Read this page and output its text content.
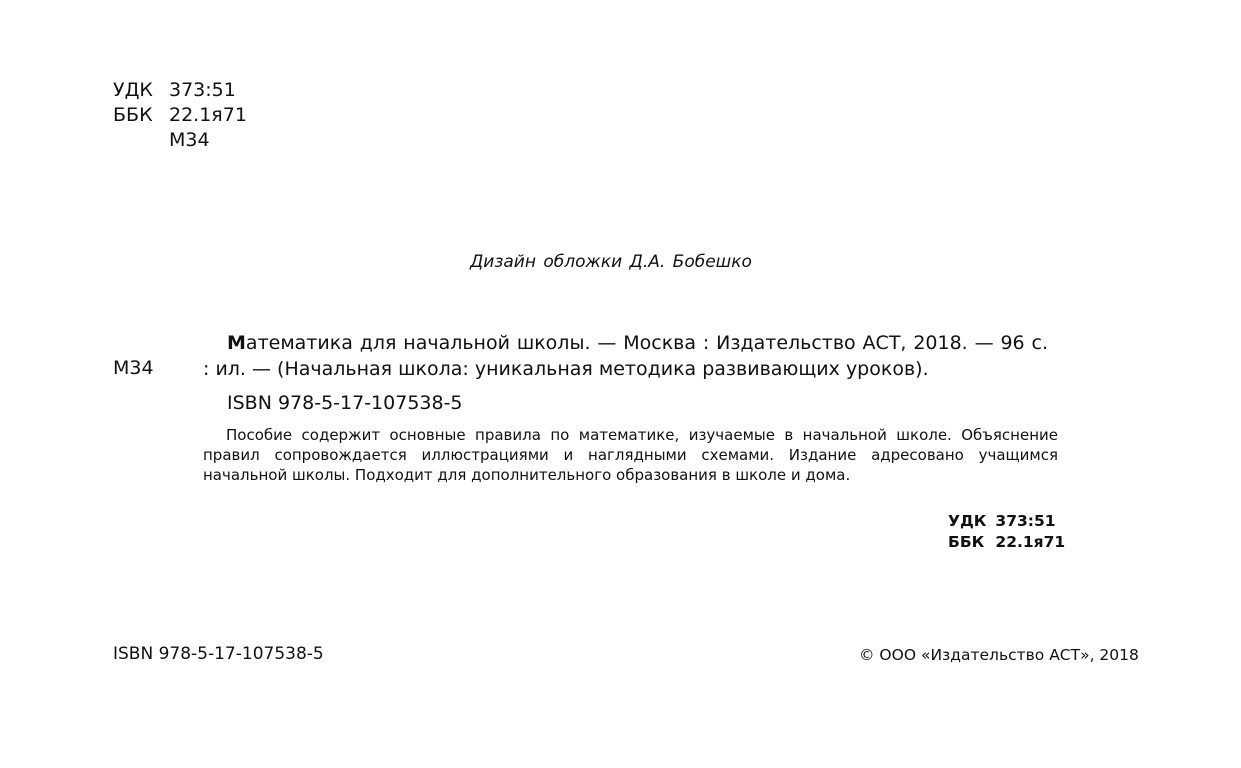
УДК 373:51
ББК 22.1я71
М34
Дизайн обложки Д.А. Бобешко
М34
Математика для начальной школы. — Москва : Издательство АСТ, 2018. — 96 с. : ил. — (Начальная школа: уникальная методика развивающих уроков).
ISBN 978-5-17-107538-5
Пособие содержит основные правила по математике, изучаемые в начальной школе. Объяснение правил сопровождается иллюстрациями и наглядными схемами. Издание адресовано учащимся начальной школы. Подходит для дополнительного образования в школе и дома.
УДК 373:51
ББК 22.1я71
ISBN 978-5-17-107538-5	© ООО «Издательство АСТ», 2018
